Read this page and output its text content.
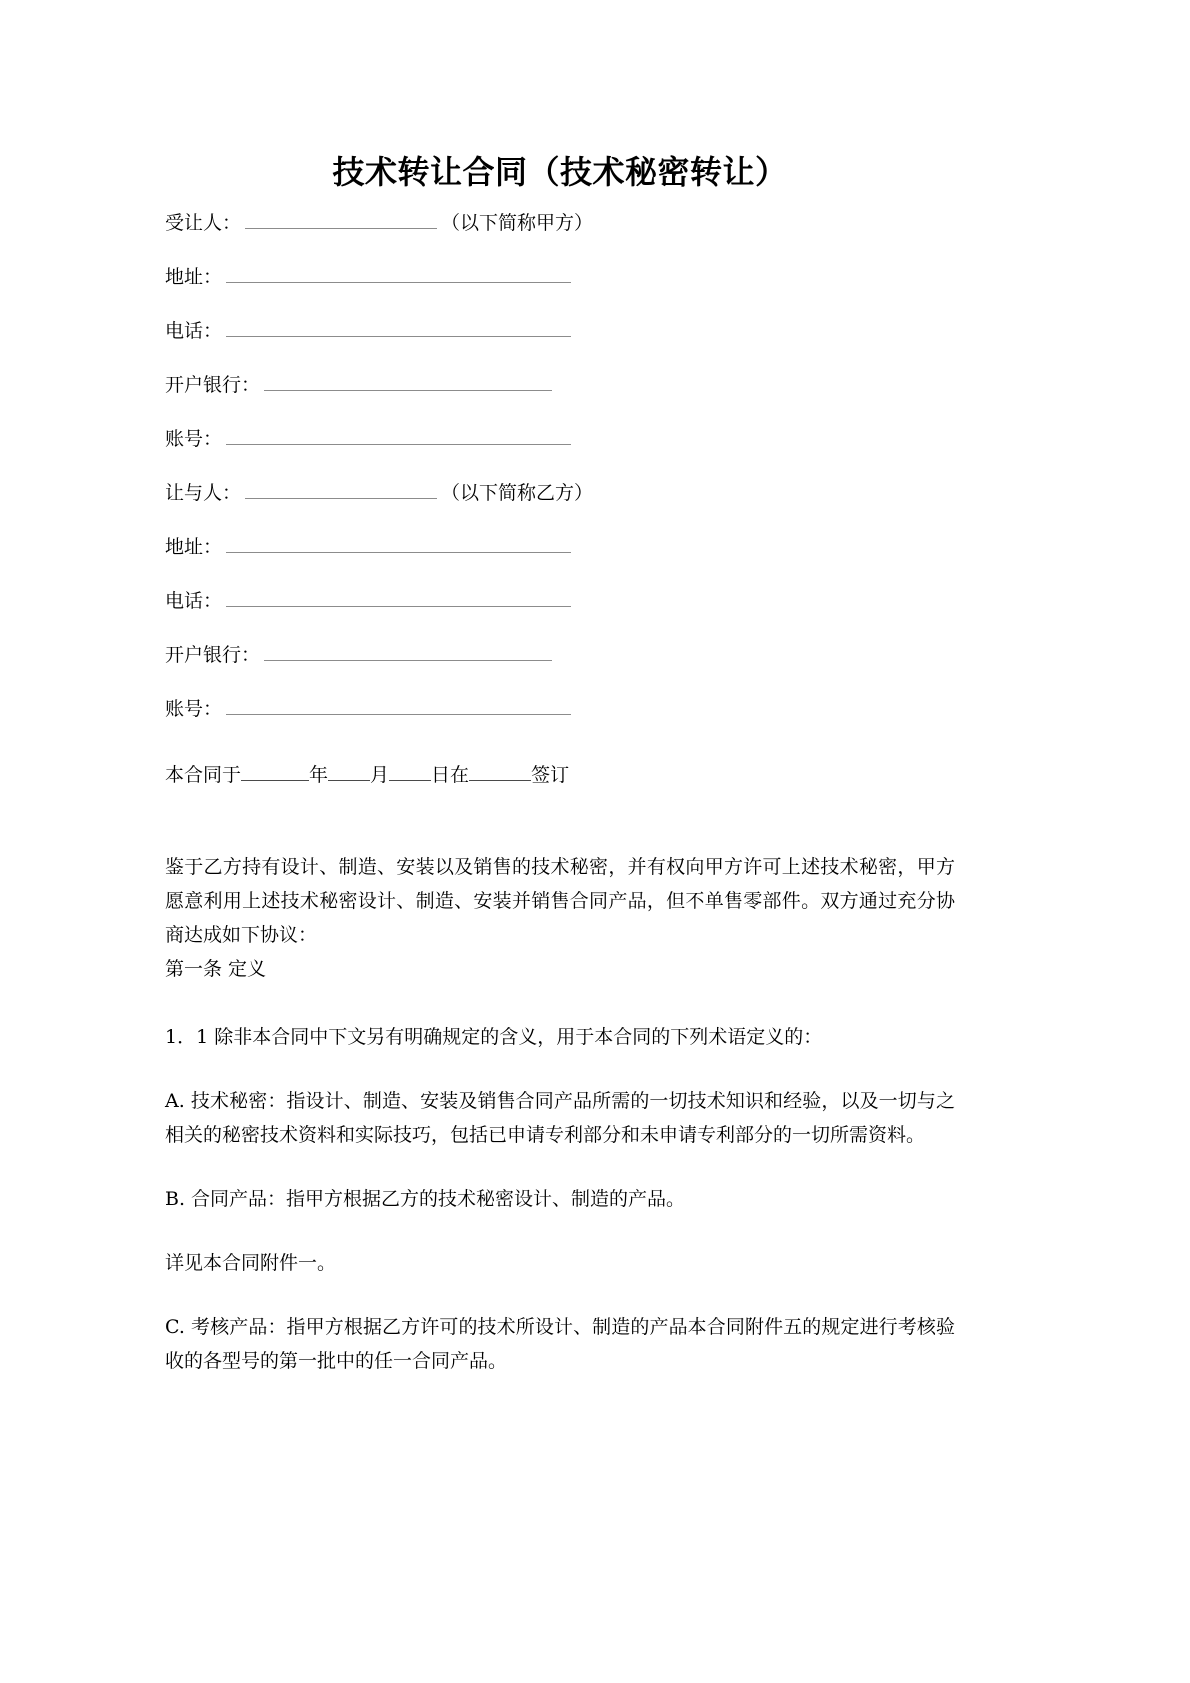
技术转让合同（技术秘密转让）
受让人：	（以下简称甲方）
地址：
电话：
开户银行：
账号：
让与人：	（以下简称乙方）
地址：
电话：
开户银行：
账号：
本合同于	年 月 日在	签订

鉴于乙方持有设计、制造、安装以及销售的技术秘密，并有权向甲方许可上述技术秘密，甲方愿意利用上述技术秘密设计、制造、安装并销售合同产品，但不单售零部件。双方通过充分协商达成如下协议：

第一条 定义

1．1 除非本合同中下文另有明确规定的含义，用于本合同的下列术语定义的：

A. 技术秘密：指设计、制造、安装及销售合同产品所需的一切技术知识和经验，以及一切与之相关的秘密技术资料和实际技巧，包括已申请专利部分和未申请专利部分的一切所需资料。

B. 合同产品：指甲方根据乙方的技术秘密设计、制造的产品。

详见本合同附件一。

C. 考核产品：指甲方根据乙方许可的技术所设计、制造的产品本合同附件五的规定进行考核验收的各型号的第一批中的任一合同产品。
